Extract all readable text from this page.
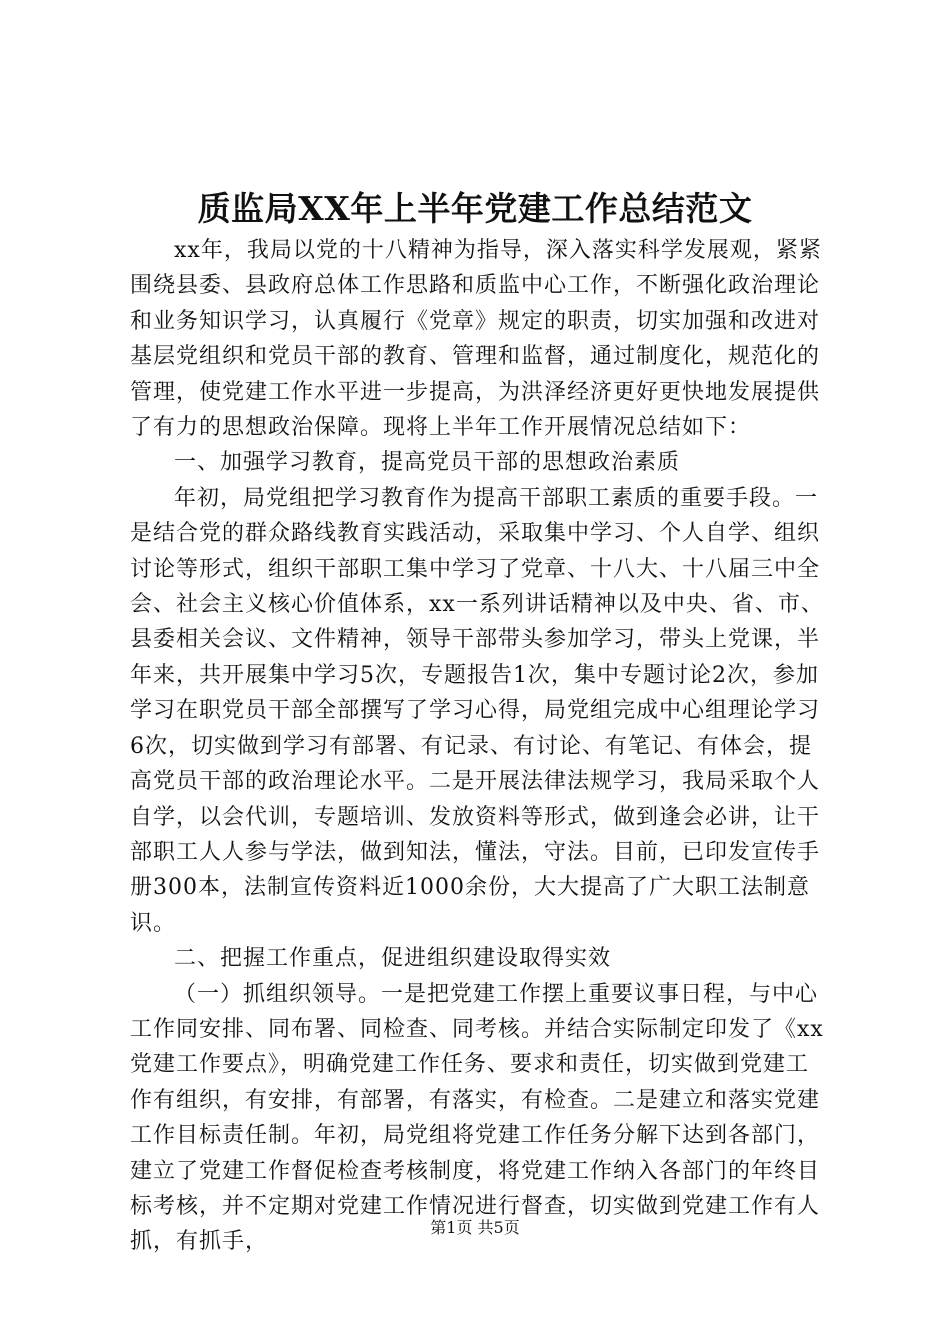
质监局XX年上半年党建工作总结范文

xx年，我局以党的十八精神为指导，深入落实科学发展观，紧紧围绕县委、县政府总体工作思路和质监中心工作，不断强化政治理论和业务知识学习，认真履行《党章》规定的职责，切实加强和改进对基层党组织和党员干部的教育、管理和监督，通过制度化，规范化的管理，使党建工作水平进一步提高，为洪泽经济更好更快地发展提供了有力的思想政治保障。现将上半年工作开展情况总结如下：

一、加强学习教育，提高党员干部的思想政治素质

年初，局党组把学习教育作为提高干部职工素质的重要手段。一是结合党的群众路线教育实践活动，采取集中学习、个人自学、组织讨论等形式，组织干部职工集中学习了党章、十八大、十八届三中全会、社会主义核心价值体系，xx一系列讲话精神以及中央、省、市、县委相关会议、文件精神，领导干部带头参加学习，带头上党课，半年来，共开展集中学习5次，专题报告1次，集中专题讨论2次，参加学习在职党员干部全部撰写了学习心得，局党组完成中心组理论学习6次，切实做到学习有部署、有记录、有讨论、有笔记、有体会，提高党员干部的政治理论水平。二是开展法律法规学习，我局采取个人自学，以会代训，专题培训、发放资料等形式，做到逢会必讲，让干部职工人人参与学法，做到知法，懂法，守法。目前，已印发宣传手册300本，法制宣传资料近1000余份，大大提高了广大职工法制意识。

二、把握工作重点，促进组织建设取得实效

（一）抓组织领导。一是把党建工作摆上重要议事日程，与中心工作同安排、同布署、同检查、同考核。并结合实际制定印发了《xx党建工作要点》，明确党建工作任务、要求和责任，切实做到党建工作有组织，有安排，有部署，有落实，有检查。二是建立和落实党建工作目标责任制。年初，局党组将党建工作任务分解下达到各部门，建立了党建工作督促检查考核制度，将党建工作纳入各部门的年终目标考核，并不定期对党建工作情况进行督查，切实做到党建工作有人抓，有抓手，

第1页 共5页
